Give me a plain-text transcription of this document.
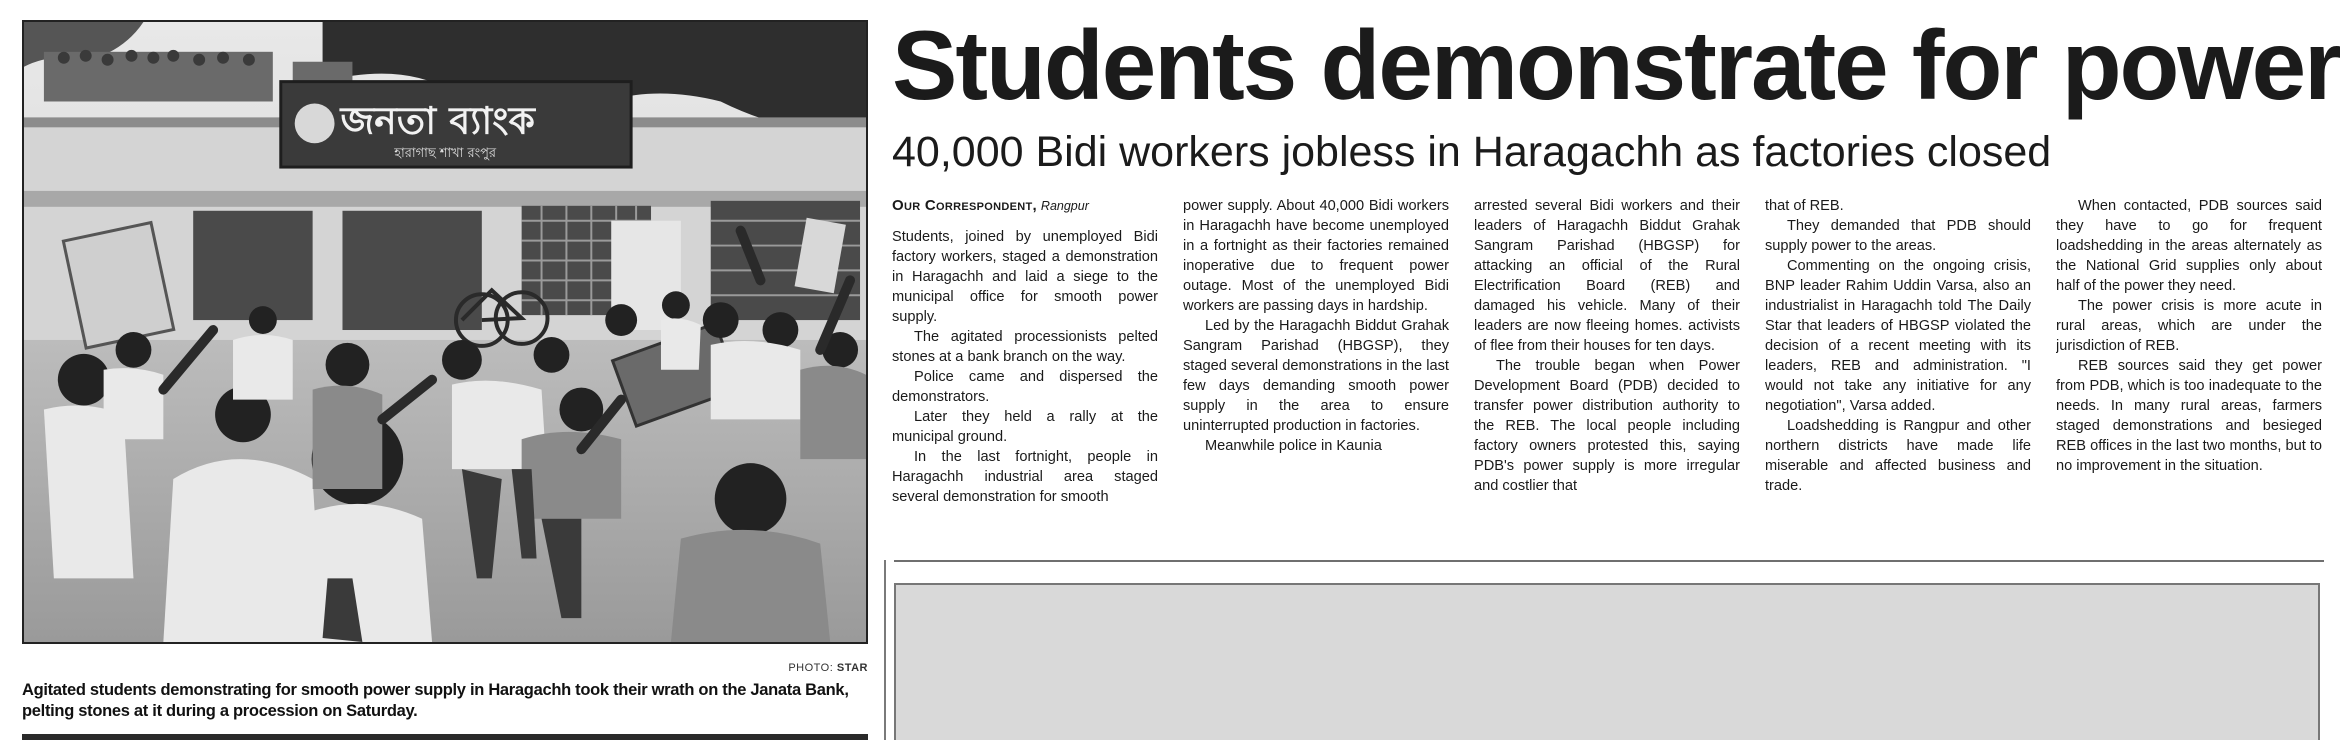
জনতা ব্যাংক
হারাগাছ শাখা রংপুর
PHOTO: STAR
Agitated students demonstrating for smooth power supply in Haragachh took their wrath on the Janata Bank, pelting stones at it during a procession on Saturday.
Students demonstrate for power
40,000 Bidi workers jobless in Haragachh as factories closed
Our Correspondent, Rangpur

Students, joined by unemployed Bidi factory workers, staged a demonstration in Haragachh and laid a siege to the municipal office for smooth power supply.

The agitated processionists pelted stones at a bank branch on the way.

Police came and dispersed the demonstrators.

Later they held a rally at the municipal ground.

In the last fortnight, people in Haragachh industrial area staged several demonstration for smooth

power supply. About 40,000 Bidi workers in Haragachh have become unemployed in a fortnight as their factories remained inoperative due to frequent power outage. Most of the unemployed Bidi workers are passing days in hardship.

Led by the Haragachh Biddut Grahak Sangram Parishad (HBGSP), they staged several demonstrations in the last few days demanding smooth power supply in the area to ensure uninterrupted production in factories.

Meanwhile police in Kaunia

arrested several Bidi workers and their leaders of Haragachh Biddut Grahak Sangram Parishad (HBGSP) for attacking an official of the Rural Electrification Board (REB) and damaged his vehicle. Many of their leaders are now fleeing homes. activists of flee from their houses for ten days.

The trouble began when Power Development Board (PDB) decided to transfer power distribution authority to the REB. The local people including factory owners protested this, saying PDB's power supply is more irregular and costlier that

that of REB.

They demanded that PDB should supply power to the areas.

Commenting on the ongoing crisis, BNP leader Rahim Uddin Varsa, also an industrialist in Haragachh told The Daily Star that leaders of HBGSP violated the decision of a recent meeting with its leaders, REB and administration. "I would not take any initiative for any negotiation", Varsa added.

Loadshedding is Rangpur and other northern districts have made life miserable and affected business and trade.

When contacted, PDB sources said they have to go for frequent loadshedding in the areas alternately as the National Grid supplies only about half of the power they need.

The power crisis is more acute in rural areas, which are under the jurisdiction of REB.

REB sources said they get power from PDB, which is too inadequate to the needs. In many rural areas, farmers staged demonstrations and besieged REB offices in the last two months, but to no improvement in the situation.
